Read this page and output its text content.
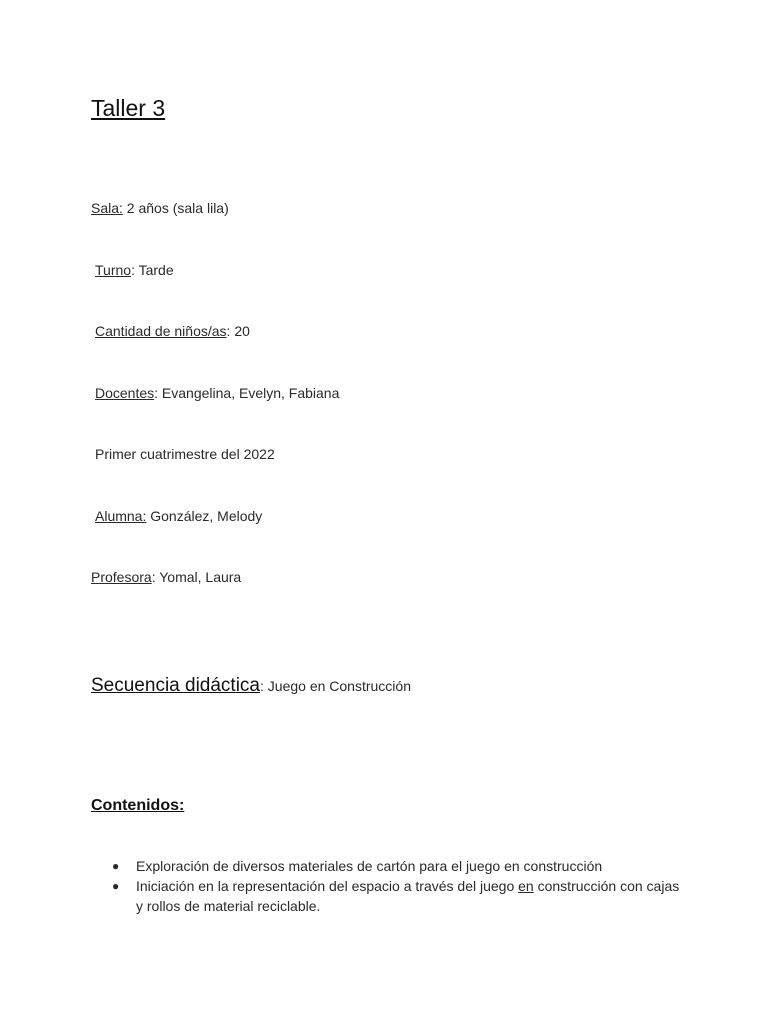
Taller 3
Sala: 2 años (sala lila)
Turno: Tarde
Cantidad de niños/as: 20
Docentes: Evangelina, Evelyn, Fabiana
Primer cuatrimestre del 2022
Alumna: González, Melody
Profesora: Yomal, Laura
Secuencia didáctica: Juego en Construcción
Contenidos:
● Exploración de diversos materiales de cartón para el juego en construcción
● Iniciación en la representación del espacio a través del juego en construcción con cajas y rollos de material reciclable.
